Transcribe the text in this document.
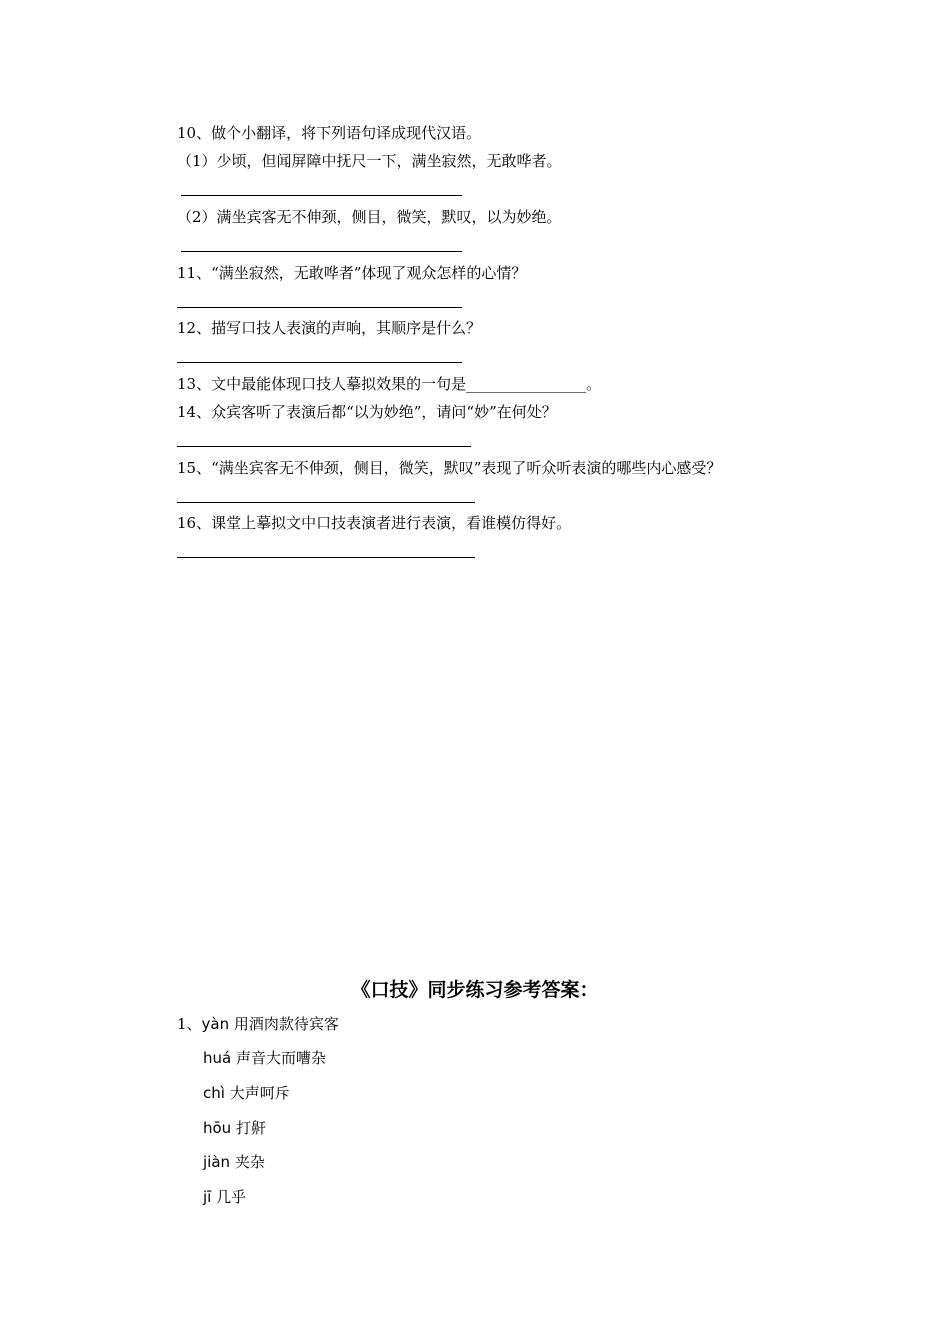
10、做个小翻译，将下列语句译成现代汉语。
（1）少顷，但闻屏障中抚尺一下，满坐寂然，无敢哗者。
（2）满坐宾客无不伸颈，侧目，微笑，默叹，以为妙绝。
11、“满坐寂然，无敢哗者”体现了观众怎样的心情？
12、描写口技人表演的声响，其顺序是什么？
13、文中最能体现口技人摹拟效果的一句是________________。
14、众宾客听了表演后都“以为妙绝”，请问“妙”在何处？
15、“满坐宾客无不伸颈，侧目，微笑，默叹”表现了听众听表演的哪些内心感受？
16、课堂上摹拟文中口技表演者进行表演，看谁模仿得好。
《口技》同步练习参考答案：
1、yàn 用酒肉款待宾客
huá 声音大而嘈杂
chì 大声呵斥
hōu 打鼾
jiàn 夹杂
jī 几乎
